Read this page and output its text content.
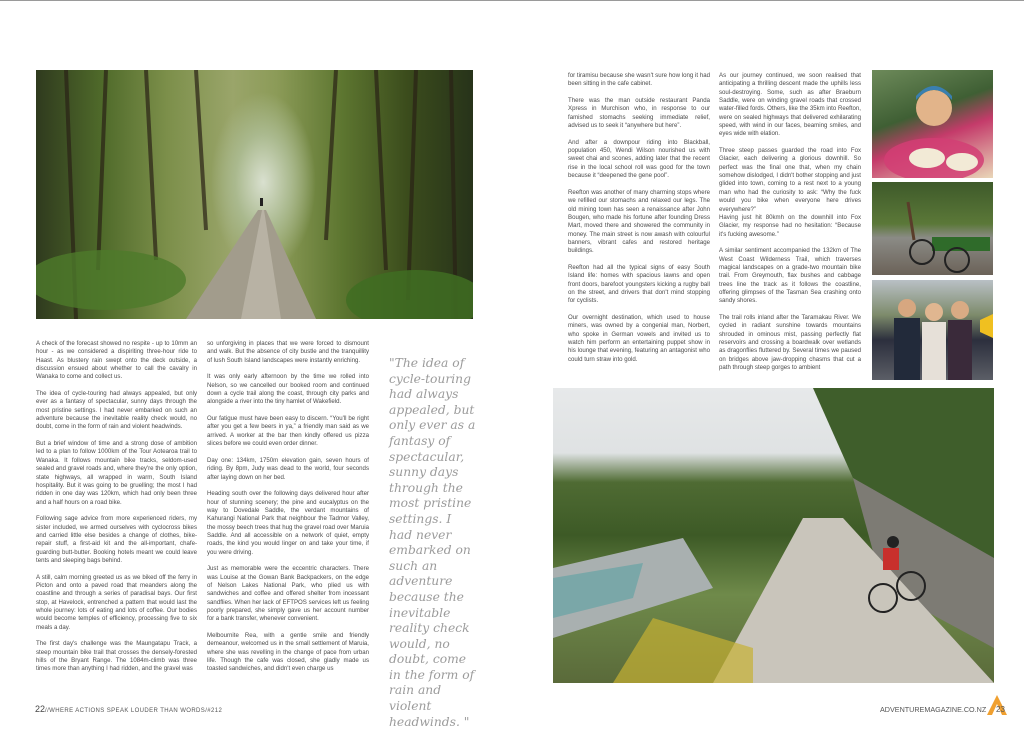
A check of the forecast showed no respite - up to 10mm an hour - as we considered a dispiriting three-hour ride to Haast. As blustery rain swept onto the deck outside, a discussion ensued about whether to call the cavalry in Wanaka to come and collect us.

The idea of cycle-touring had always appealed, but only ever as a fantasy of spectacular, sunny days through the most pristine settings. I had never embarked on such an adventure because the inevitable reality check would, no doubt, come in the form of rain and violent headwinds.

But a brief window of time and a strong dose of ambition led to a plan to follow 1000km of the Tour Aotearoa trail to Wanaka. It follows mountain bike tracks, seldom-used sealed and gravel roads and, where they're the only option, state highways, all wrapped in warm, South Island hospitality. But it was going to be gruelling; the most I had ridden in one day was 120km, which had only been three and a half hours on a road bike.

Following sage advice from more experienced riders, my sister included, we armed ourselves with cyclocross bikes and carried little else besides a change of clothes, bike-repair stuff, a first-aid kit and the all-important, chafe-guarding butt-butter. Booking hotels meant we could leave tents and sleeping bags behind.

A still, calm morning greeted us as we biked off the ferry in Picton and onto a paved road that meanders along the coastline and through a series of paradisal bays. Our first stop, at Havelock, entrenched a pattern that would last the whole journey: lots of eating and lots of coffee. Our bodies would become temples of efficiency, processing five to six meals a day.

The first day's challenge was the Maungatapu Track, a steep mountain bike trail that crosses the densely-forested hills of the Bryant Range. The 1084m-climb was three times more than anything I had ridden, and the gravel was

so unforgiving in places that we were forced to dismount and walk. But the absence of city bustle and the tranquillity of lush South Island landscapes were instantly enriching.

It was only early afternoon by the time we rolled into Nelson, so we cancelled our booked room and continued down a cycle trail along the coast, through city parks and alongside a river into the tiny hamlet of Wakefield.

Our fatigue must have been easy to discern. “You'll be right after you get a few beers in ya,” a friendly man said as we arrived. A worker at the bar then kindly offered us pizza slices before we could even order dinner.

Day one: 134km, 1750m elevation gain, seven hours of riding. By 8pm, Judy was dead to the world, four seconds after laying down on her bed.

Heading south over the following days delivered hour after hour of stunning scenery; the pine and eucalyptus on the way to Dovedale Saddle, the verdant mountains of Kahurangi National Park that neighbour the Tadmor Valley, the mossy beech trees that hug the gravel road over Maruia Saddle. And all accessible on a network of quiet, empty roads, the kind you would linger on and take your time, if you were driving.

Just as memorable were the eccentric characters. There was Louise at the Gowan Bank Backpackers, on the edge of Nelson Lakes National Park, who plied us with sandwiches and coffee and offered shelter from incessant sandflies. When her lack of EFTPOS services left us feeling poorly prepared, she simply gave us her account number for a bank transfer, whenever convenient.

Melbournite Rea, with a gentle smile and friendly demeanour, welcomed us in the small settlement of Maruia, where she was revelling in the change of pace from urban life. Though the cafe was closed, she gladly made us toasted sandwiches, and didn't even charge us

"The idea of cycle-touring had always appealed, but only ever as a fantasy of spectacular, sunny days through the most pristine settings. I had never embarked on such an adventure because the inevitable reality check would, no doubt, come in the form of rain and violent headwinds. "
22//WHERE ACTIONS SPEAK LOUDER THAN WORDS/#212

for tiramisu because she wasn't sure how long it had been sitting in the cafe cabinet.

There was the man outside restaurant Panda Xpress in Murchison who, in response to our famished stomachs seeking immediate relief, advised us to seek it “anywhere but here”.

And after a downpour riding into Blackball, population 450, Wendi Wilson nourished us with sweet chai and scones, adding later that the recent rise in the local school roll was good for the town because it “deepened the gene pool”.

Reefton was another of many charming stops where we refilled our stomachs and relaxed our legs. The old mining town has seen a renaissance after John Bougen, who made his fortune after founding Dress Mart, moved there and showered the community in money. The main street is now awash with colourful banners, vibrant cafes and restored heritage buildings.

Reefton had all the typical signs of easy South Island life: homes with spacious lawns and open front doors, barefoot youngsters kicking a rugby ball on the street, and drivers that don't mind stopping for cyclists.

Our overnight destination, which used to house miners, was owned by a congenial man, Norbert, who spoke in German vowels and invited us to watch him perform an entertaining puppet show in his lounge that evening, featuring an antagonist who could turn straw into gold.

As our journey continued, we soon realised that anticipating a thrilling descent made the uphills less soul-destroying. Some, such as after Braeburn Saddle, were on winding gravel roads that crossed water-filled fords. Others, like the 35km into Reefton, were on sealed highways that delivered exhilarating speed, with wind in our faces, beaming smiles, and eyes wide with elation.

Three steep passes guarded the road into Fox Glacier, each delivering a glorious downhill. So perfect was the final one that, when my chain somehow dislodged, I didn't bother stopping and just glided into town, coming to a rest next to a young man who had the curiosity to ask: “Why the fuck would you bike when everyone here drives everywhere?”

Having just hit 80kmh on the downhill into Fox Glacier, my response had no hesitation: “Because it's fucking awesome.”

A similar sentiment accompanied the 132km of The West Coast Wilderness Trail, which traverses magical landscapes on a grade-two mountain bike trail. From Greymouth, flax bushes and cabbage trees line the track as it follows the coastline, offering glimpses of the Tasman Sea crashing onto sandy shores.

The trail rolls inland after the Taramakau River. We cycled in radiant sunshine towards mountains shrouded in ominous mist, passing perfectly flat reservoirs and crossing a boardwalk over wetlands as dragonflies fluttered by. Several times we paused on bridges above jaw-dropping chasms that cut a path through steep gorges to ambient

ADVENTUREMAGAZINE.CO.NZ 23
